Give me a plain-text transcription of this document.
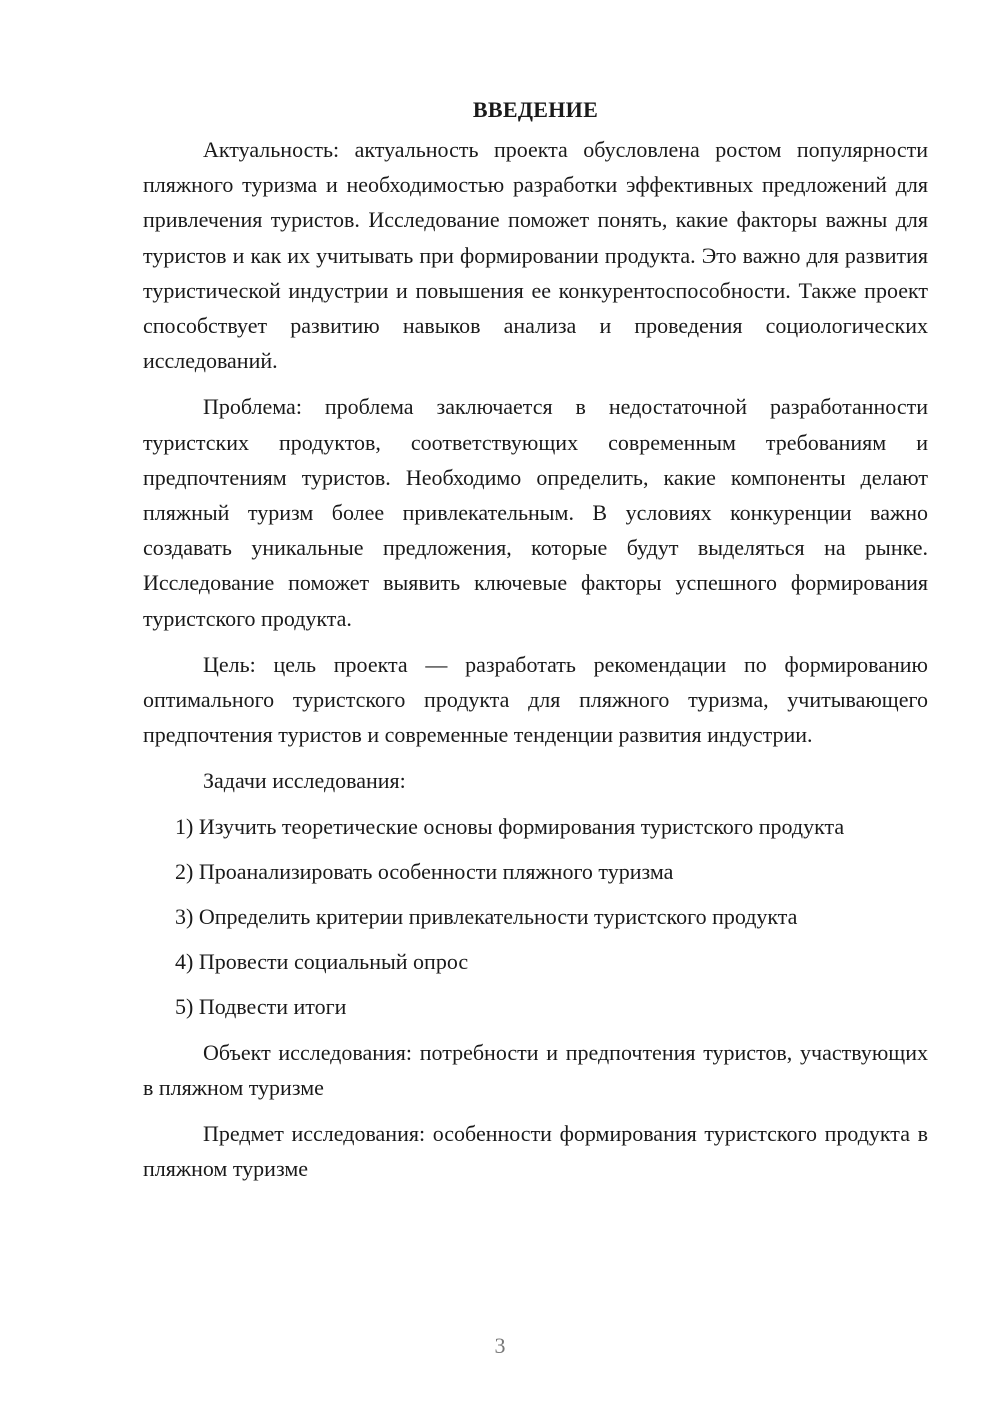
ВВЕДЕНИЕ

Актуальность: актуальность проекта обусловлена ростом популярности пляжного туризма и необходимостью разработки эффективных предложений для привлечения туристов. Исследование поможет понять, какие факторы важны для туристов и как их учитывать при формировании продукта. Это важно для развития туристической индустрии и повышения ее конкурентоспособности. Также проект способствует развитию навыков анализа и проведения социологических исследований.

Проблема: проблема заключается в недостаточной разработанности туристских продуктов, соответствующих современным требованиям и предпочтениям туристов. Необходимо определить, какие компоненты делают пляжный туризм более привлекательным. В условиях конкуренции важно создавать уникальные предложения, которые будут выделяться на рынке. Исследование поможет выявить ключевые факторы успешного формирования туристского продукта.

Цель: цель проекта — разработать рекомендации по формированию оптимального туристского продукта для пляжного туризма, учитывающего предпочтения туристов и современные тенденции развития индустрии.

Задачи исследования:

1) Изучить теоретические основы формирования туристского продукта

2) Проанализировать особенности пляжного туризма

3) Определить критерии привлекательности туристского продукта

4) Провести социальный опрос

5) Подвести итоги

Объект исследования: потребности и предпочтения туристов, участвующих в пляжном туризме

Предмет исследования: особенности формирования туристского продукта в пляжном туризме

3
